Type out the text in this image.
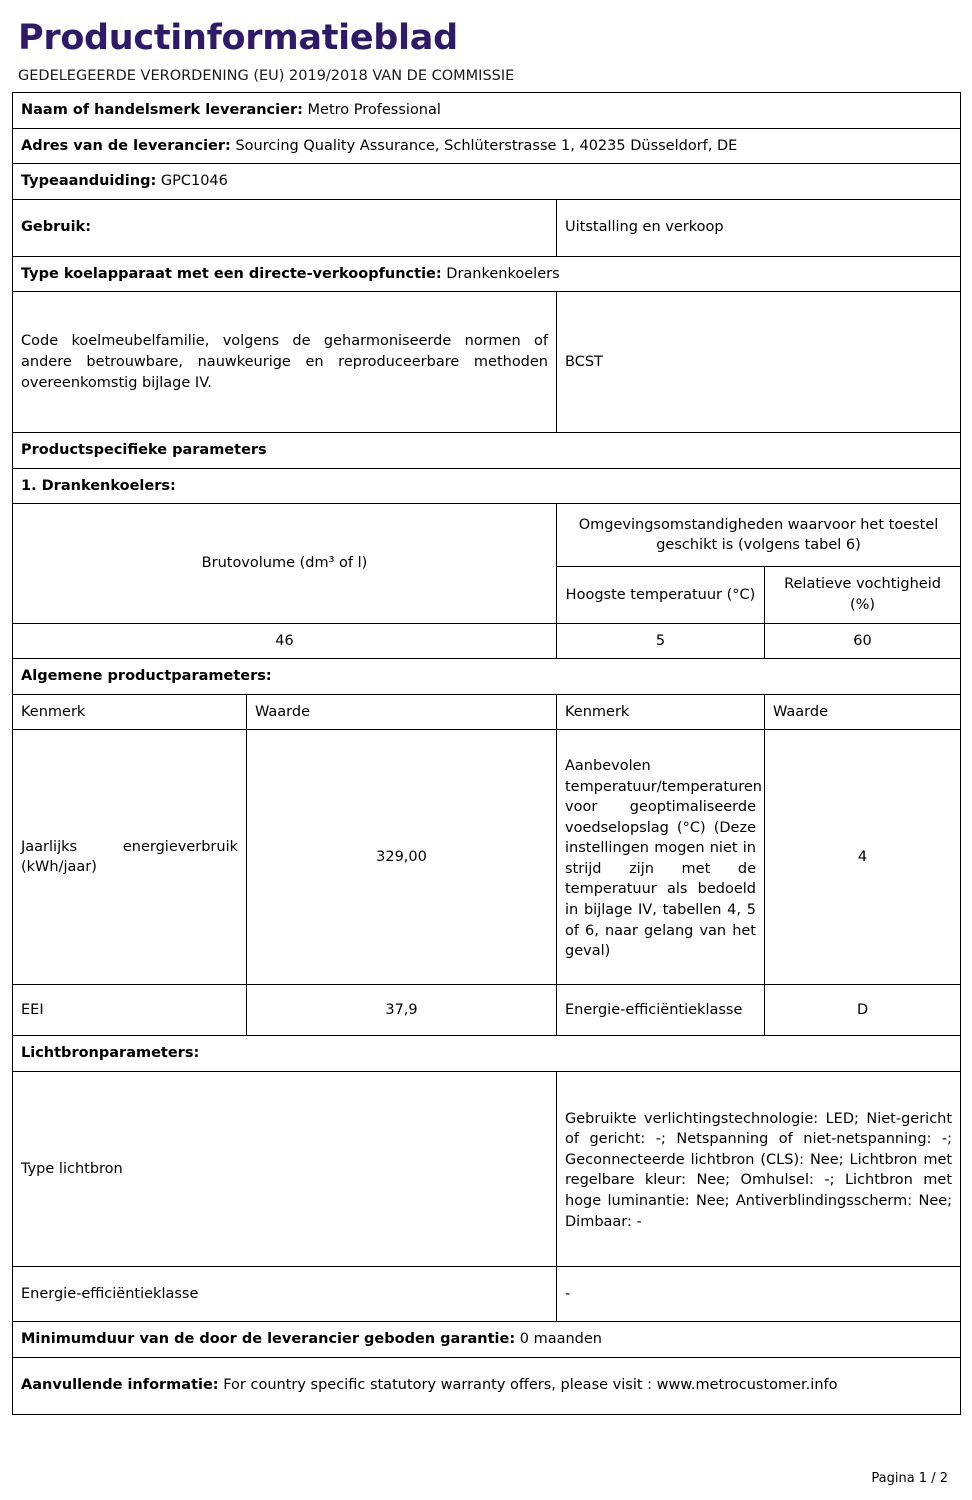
Productinformatieblad
GEDELEGEERDE VERORDENING (EU) 2019/2018 VAN DE COMMISSIE
Naam of handelsmerk leverancier: Metro Professional			
Adres van de leverancier: Sourcing Quality Assurance, Schlüterstrasse 1, 40235 Düsseldorf, DE			
Typeaanduiding: GPC1046			
Gebruik:		Uitstalling en verkoop	
Type koelapparaat met een directe-verkoopfunctie: Drankenkoelers			
Code koelmeubelfamilie, volgens de geharmoniseerde normen of andere betrouwbare, nauwkeurige en reproduceerbare methoden overeenkomstig bijlage IV.		BCST	
Productspecifieke parameters			
1. Drankenkoelers:			
Brutovolume (dm³ of l)		Omgevingsomstandigheden waarvoor het toestel geschikt is (volgens tabel 6)	
		Hoogste temperatuur (°C)	Relatieve vochtigheid (%)
46		5	60
Algemene productparameters:			
Kenmerk	Waarde	Kenmerk	Waarde
Jaarlijks energieverbruik (kWh/jaar)	329,00	Aanbevolen temperatuur/temperaturen voor geoptimaliseerde voedselopslag (°C) (Deze instellingen mogen niet in strijd zijn met de temperatuur als bedoeld in bijlage IV, tabellen 4, 5 of 6, naar gelang van het geval)	4
EEI	37,9	Energie-efficiëntieklasse	D
Lichtbronparameters:			
Type lichtbron		Gebruikte verlichtingstechnologie: LED; Niet-gericht of gericht: -; Netspanning of niet-netspanning: -; Geconnecteerde lichtbron (CLS): Nee; Lichtbron met regelbare kleur: Nee; Omhulsel: -; Lichtbron met hoge luminantie: Nee; Antiverblindingsscherm: Nee; Dimbaar: -	
Energie-efficiëntieklasse		-	
Minimumduur van de door de leverancier geboden garantie: 0 maanden			
Aanvullende informatie: For country specific statutory warranty offers, please visit : www.metrocustomer.info			
Pagina 1 / 2
